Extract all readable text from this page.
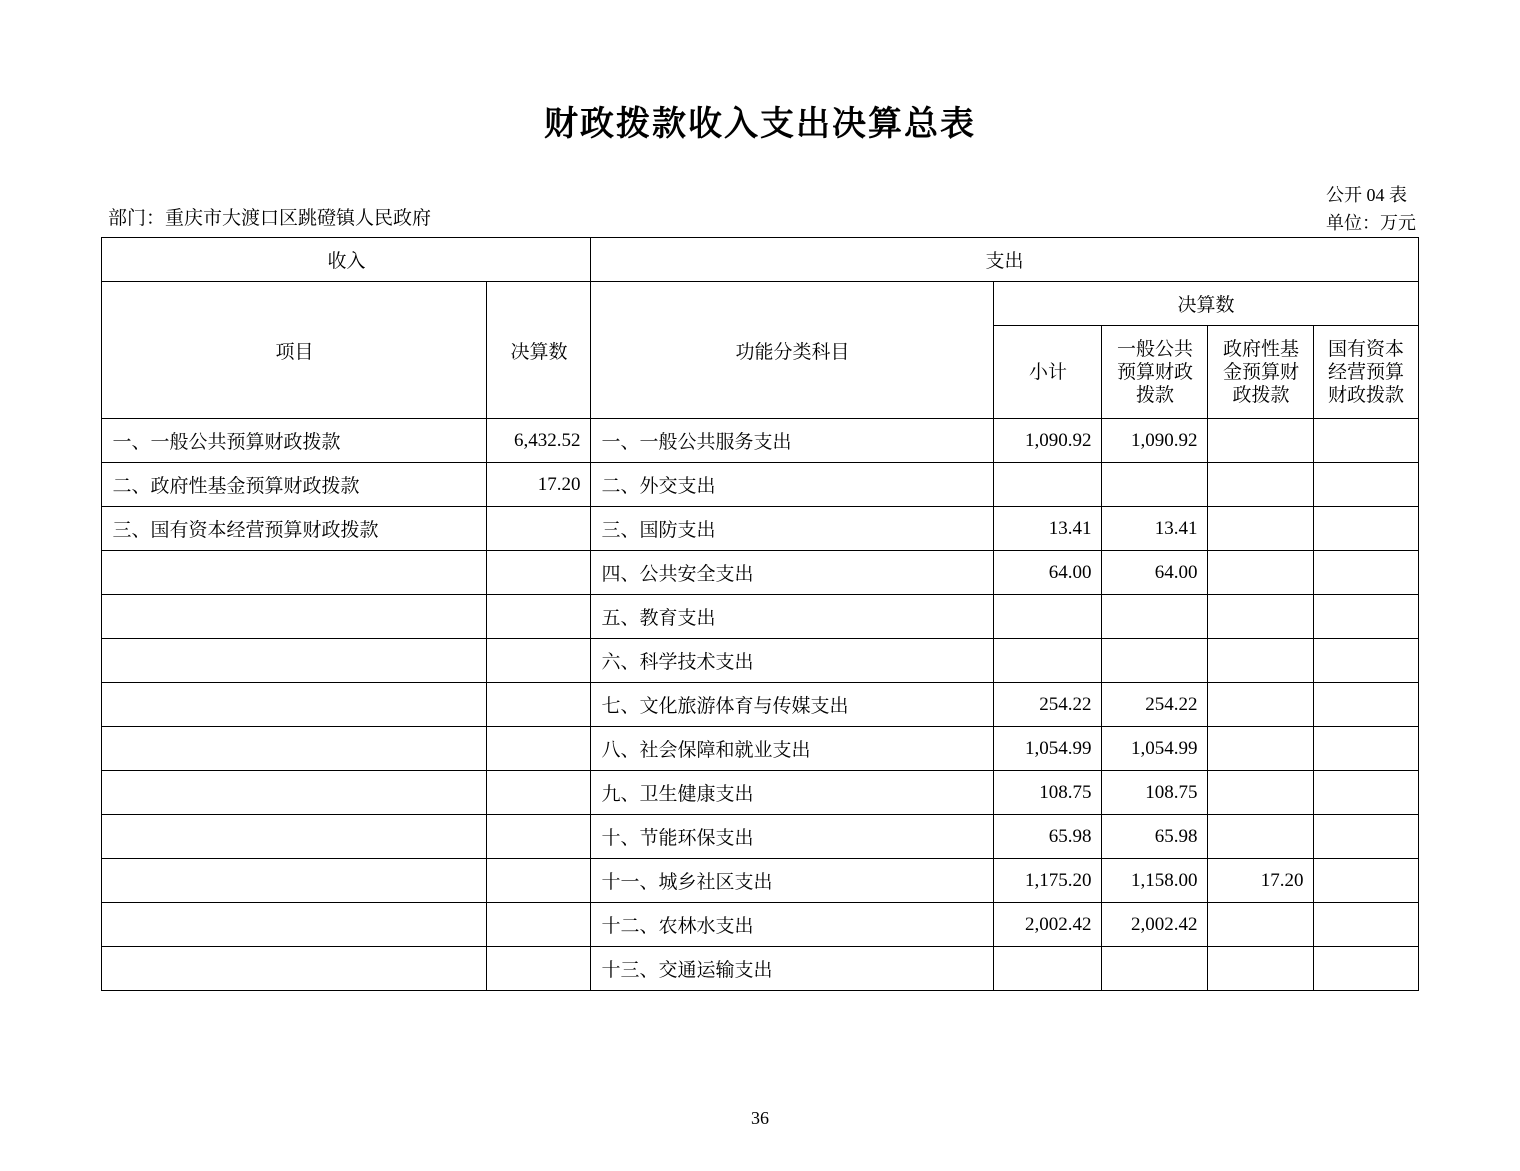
财政拨款收入支出决算总表
公开 04 表
单位：万元
部门：重庆市大渡口区跳磴镇人民政府
收入		支出				
项目	决算数	功能分类科目	决算数			
			小计	一般公共预算财政拨款	政府性基金预算财政拨款	国有资本经营预算财政拨款
一、一般公共预算财政拨款	6,432.52	一、一般公共服务支出	1,090.92	1,090.92		
二、政府性基金预算财政拨款	17.20	二、外交支出				
三、国有资本经营预算财政拨款		三、国防支出	13.41	13.41		
		四、公共安全支出	64.00	64.00		
		五、教育支出				
		六、科学技术支出				
		七、文化旅游体育与传媒支出	254.22	254.22		
		八、社会保障和就业支出	1,054.99	1,054.99		
		九、卫生健康支出	108.75	108.75		
		十、节能环保支出	65.98	65.98		
		十一、城乡社区支出	1,175.20	1,158.00	17.20	
		十二、农林水支出	2,002.42	2,002.42		
		十三、交通运输支出				
36
